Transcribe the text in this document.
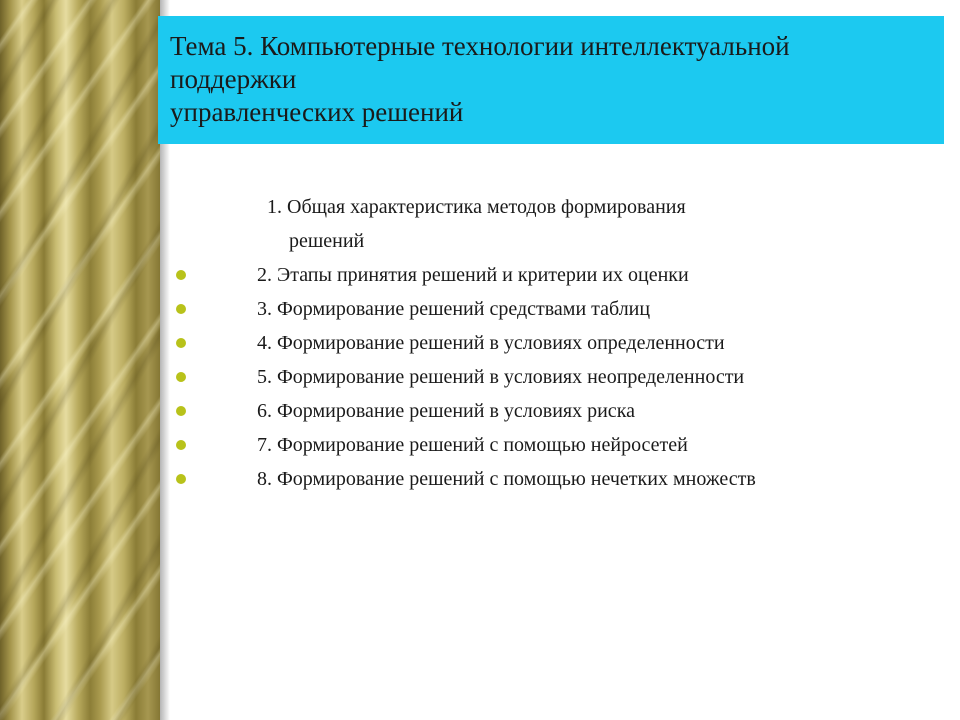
Тема 5. Компьютерные технологии интеллектуальной
поддержки
управленческих решений
1. Общая характеристика методов формирования
решений
2. Этапы принятия решений и критерии их оценки
3. Формирование решений средствами таблиц
4. Формирование решений в условиях определенности
5. Формирование решений в условиях неопределенности
6. Формирование решений в условиях риска
7. Формирование решений с помощью нейросетей
8. Формирование решений с помощью нечетких множеств
